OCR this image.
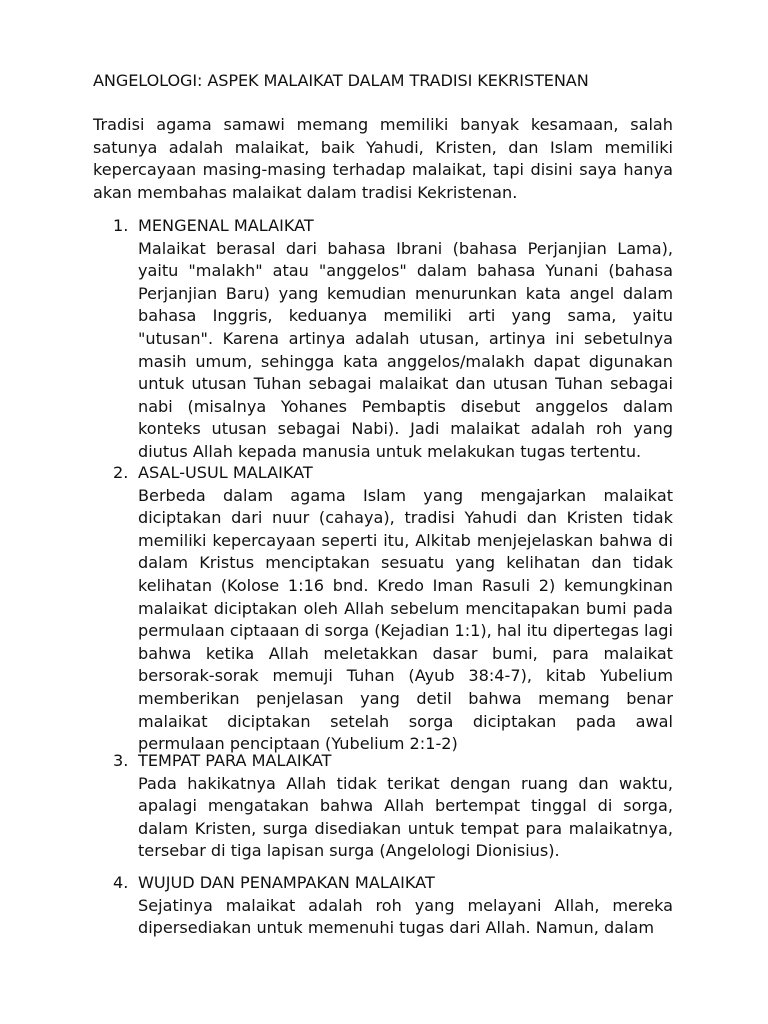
ANGELOLOGI: ASPEK MALAIKAT DALAM TRADISI KEKRISTENAN

Tradisi agama samawi memang memiliki banyak kesamaan, salah satunya adalah malaikat, baik Yahudi, Kristen, dan Islam memiliki kepercayaan masing-masing terhadap malaikat, tapi disini saya hanya akan membahas malaikat dalam tradisi Kekristenan.

1. MENGENAL MALAIKAT

Malaikat berasal dari bahasa Ibrani (bahasa Perjanjian Lama), yaitu "malakh" atau "anggelos" dalam bahasa Yunani (bahasa Perjanjian Baru) yang kemudian menurunkan kata angel dalam bahasa Inggris, keduanya memiliki arti yang sama, yaitu "utusan". Karena artinya adalah utusan, artinya ini sebetulnya masih umum, sehingga kata anggelos/malakh dapat digunakan untuk utusan Tuhan sebagai malaikat dan utusan Tuhan sebagai nabi (misalnya Yohanes Pembaptis disebut anggelos dalam konteks utusan sebagai Nabi). Jadi malaikat adalah roh yang diutus Allah kepada manusia untuk melakukan tugas tertentu.

2. ASAL-USUL MALAIKAT

Berbeda dalam agama Islam yang mengajarkan malaikat diciptakan dari nuur (cahaya), tradisi Yahudi dan Kristen tidak memiliki kepercayaan seperti itu, Alkitab menjejelaskan bahwa di dalam Kristus menciptakan sesuatu yang kelihatan dan tidak kelihatan (Kolose 1:16 bnd. Kredo Iman Rasuli 2) kemungkinan malaikat diciptakan oleh Allah sebelum mencitapakan bumi pada permulaan ciptaaan di sorga (Kejadian 1:1), hal itu dipertegas lagi bahwa ketika Allah meletakkan dasar bumi, para malaikat bersorak-sorak memuji Tuhan (Ayub 38:4-7), kitab Yubelium memberikan penjelasan yang detil bahwa memang benar malaikat diciptakan setelah sorga diciptakan pada awal permulaan penciptaan (Yubelium 2:1-2)

3. TEMPAT PARA MALAIKAT

Pada hakikatnya Allah tidak terikat dengan ruang dan waktu, apalagi mengatakan bahwa Allah bertempat tinggal di sorga, dalam Kristen, surga disediakan untuk tempat para malaikatnya, tersebar di tiga lapisan surga (Angelologi Dionisius).

4. WUJUD DAN PENAMPAKAN MALAIKAT

Sejatinya malaikat adalah roh yang melayani Allah, mereka dipersediakan untuk memenuhi tugas dari Allah. Namun, dalam
